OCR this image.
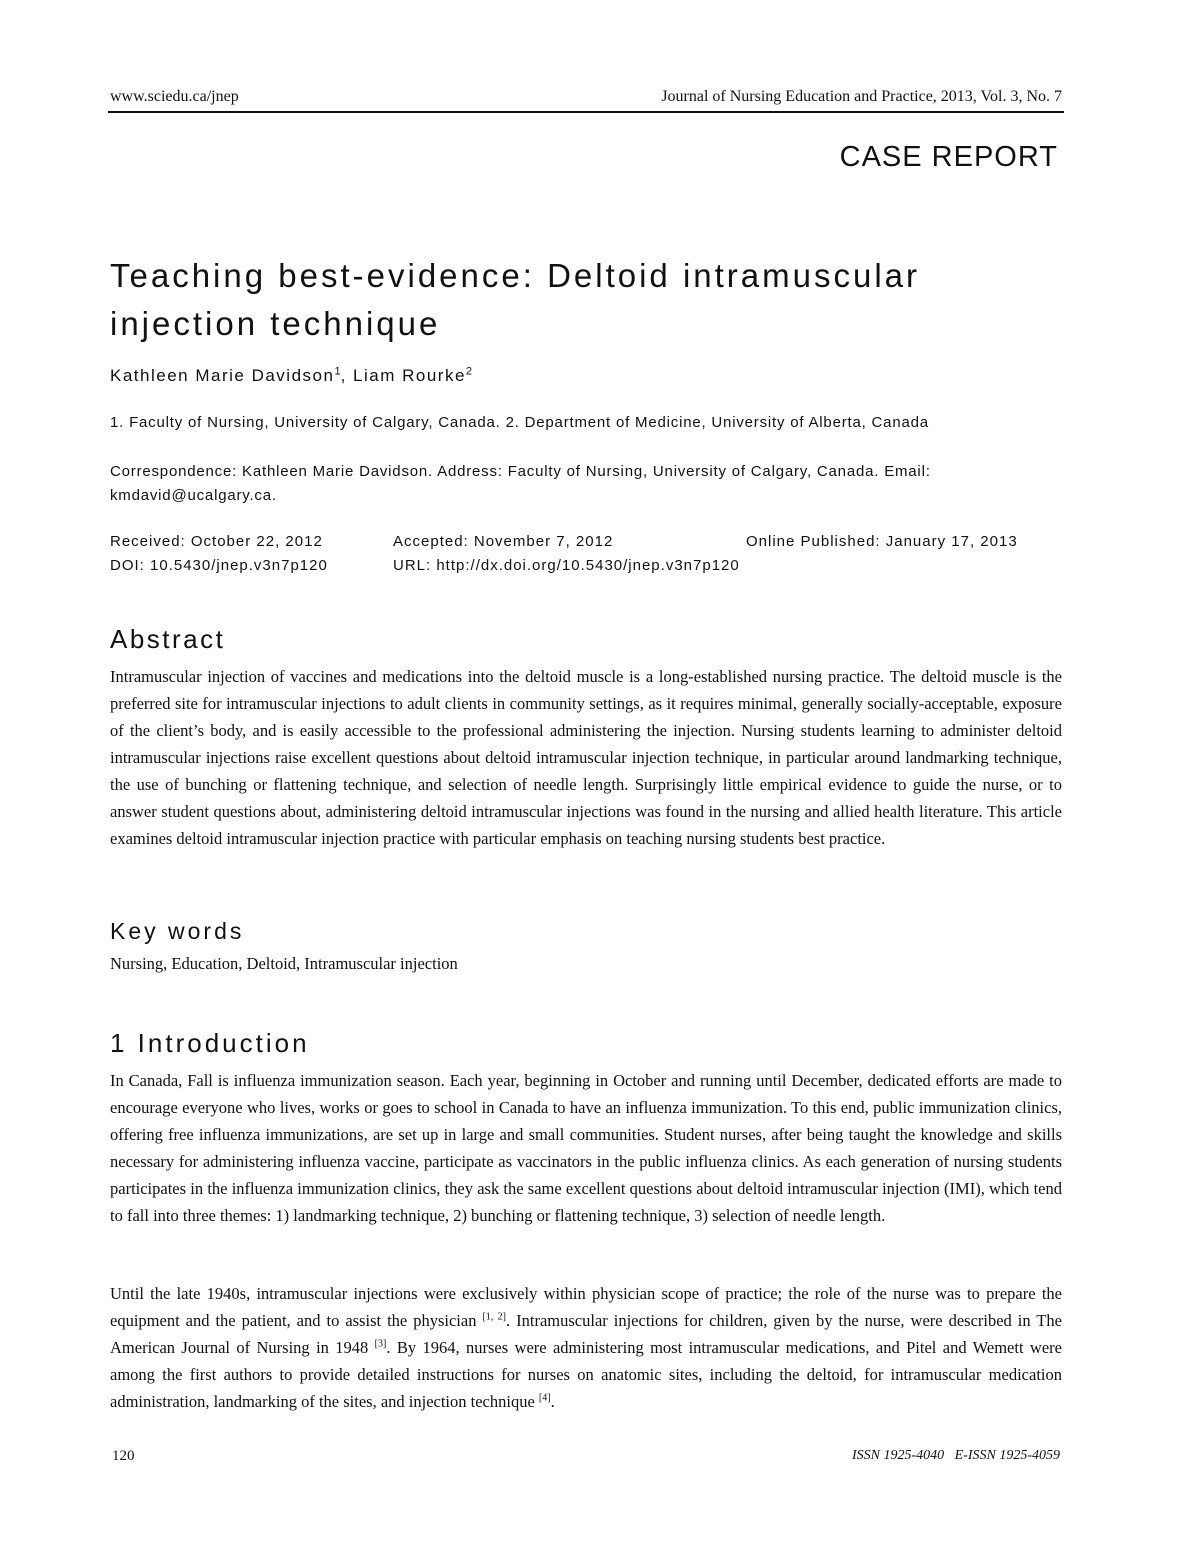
www.sciedu.ca/jnep	Journal of Nursing Education and Practice, 2013, Vol. 3, No. 7
CASE REPORT
Teaching best-evidence: Deltoid intramuscular
injection technique
Kathleen Marie Davidson$^1$, Liam Rourke$^2$
1. Faculty of Nursing, University of Calgary, Canada. 2. Department of Medicine, University of Alberta, Canada
Correspondence: Kathleen Marie Davidson. Address: Faculty of Nursing, University of Calgary, Canada. Email:
kmdavid@ucalgary.ca.
Received: October 22, 2012
DOI: 10.5430/jnep.v3n7p120
Accepted: November 7, 2012
URL: http://dx.doi.org/10.5430/jnep.v3n7p120
Online Published: January 17, 2013
Abstract

Intramuscular injection of vaccines and medications into the deltoid muscle is a long-established nursing practice. The deltoid muscle is the preferred site for intramuscular injections to adult clients in community settings, as it requires minimal, generally socially-acceptable, exposure of the client’s body, and is easily accessible to the professional administering the injection. Nursing students learning to administer deltoid intramuscular injections raise excellent questions about deltoid intramuscular injection technique, in particular around landmarking technique, the use of bunching or flattening technique, and selection of needle length. Surprisingly little empirical evidence to guide the nurse, or to answer student questions about, administering deltoid intramuscular injections was found in the nursing and allied health literature. This article examines deltoid intramuscular injection practice with particular emphasis on teaching nursing students best practice.

Key words

Nursing, Education, Deltoid, Intramuscular injection

1 Introduction

In Canada, Fall is influenza immunization season. Each year, beginning in October and running until December, dedicated efforts are made to encourage everyone who lives, works or goes to school in Canada to have an influenza immunization. To this end, public immunization clinics, offering free influenza immunizations, are set up in large and small communities. Student nurses, after being taught the knowledge and skills necessary for administering influenza vaccine, participate as vaccinators in the public influenza clinics. As each generation of nursing students participates in the influenza immunization clinics, they ask the same excellent questions about deltoid intramuscular injection (IMI), which tend to fall into three themes: 1) landmarking technique, 2) bunching or flattening technique, 3) selection of needle length.

Until the late 1940s, intramuscular injections were exclusively within physician scope of practice; the role of the nurse was to prepare the equipment and the patient, and to assist the physician [1, 2]. Intramuscular injections for children, given by the nurse, were described in The American Journal of Nursing in 1948 [3]. By 1964, nurses were administering most intramuscular medications, and Pitel and Wemett were among the first authors to provide detailed instructions for nurses on anatomic sites, including the deltoid, for intramuscular medication administration, landmarking of the sites, and injection technique [4].

120	ISSN 1925-4040   E-ISSN 1925-4059
